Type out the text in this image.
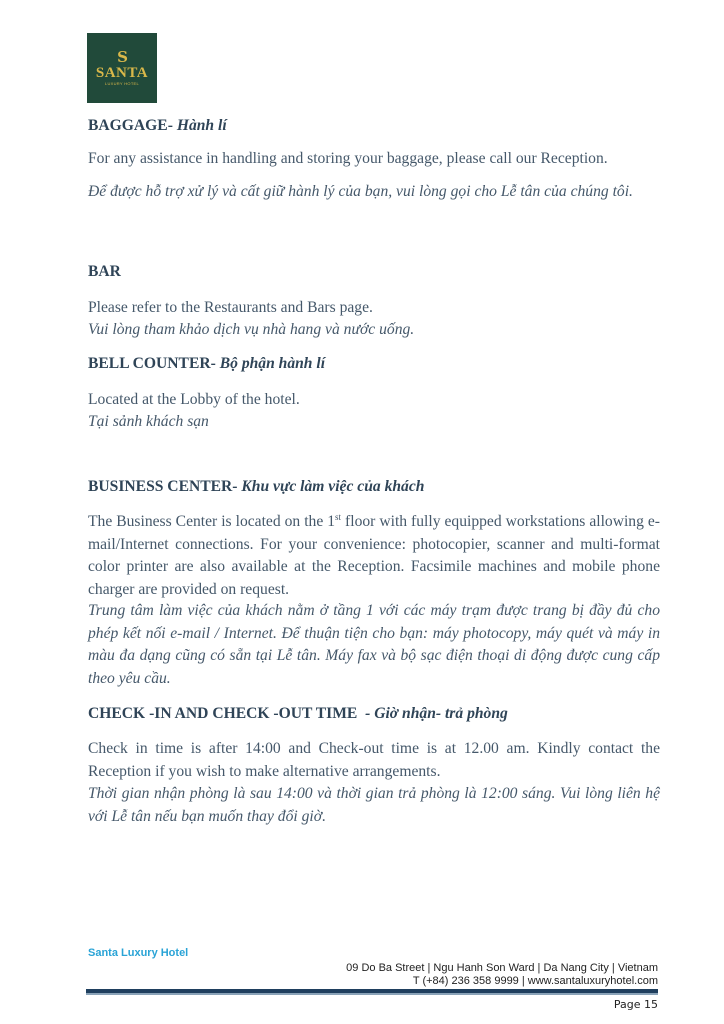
S
SANTA
LUXURY HOTEL
BAGGAGE- Hành lí
For any assistance in handling and storing your baggage, please call our Reception.
Để được hỗ trợ xử lý và cất giữ hành lý của bạn, vui lòng gọi cho Lễ tân của chúng tôi.
BAR
Please refer to the Restaurants and Bars page.
Vui lòng tham khảo dịch vụ nhà hang và nước uống.
BELL COUNTER- Bộ phận hành lí
Located at the Lobby of the hotel.
Tại sảnh khách sạn
BUSINESS CENTER- Khu vực làm việc của khách
The Business Center is located on the 1st floor with fully equipped workstations allowing e-mail/Internet connections. For your convenience: photocopier, scanner and multi-format color printer are also available at the Reception. Facsimile machines and mobile phone charger are provided on request.
Trung tâm làm việc của khách nằm ở tầng 1 với các máy trạm được trang bị đầy đủ cho phép kết nối e-mail / Internet. Để thuận tiện cho bạn: máy photocopy, máy quét và máy in màu đa dạng cũng có sẵn tại Lễ tân. Máy fax và bộ sạc điện thoại di động được cung cấp theo yêu cầu.
CHECK -IN AND CHECK -OUT TIME - Giờ nhận- trả phòng
Check in time is after 14:00 and Check-out time is at 12.00 am. Kindly contact the Reception if you wish to make alternative arrangements.
Thời gian nhận phòng là sau 14:00 và thời gian trả phòng là 12:00 sáng. Vui lòng liên hệ với Lễ tân nếu bạn muốn thay đổi giờ.
Santa Luxury Hotel
09 Do Ba Street | Ngu Hanh Son Ward | Da Nang City | Vietnam
T (+84) 236 358 9999 | www.santaluxuryhotel.com
Page 15
